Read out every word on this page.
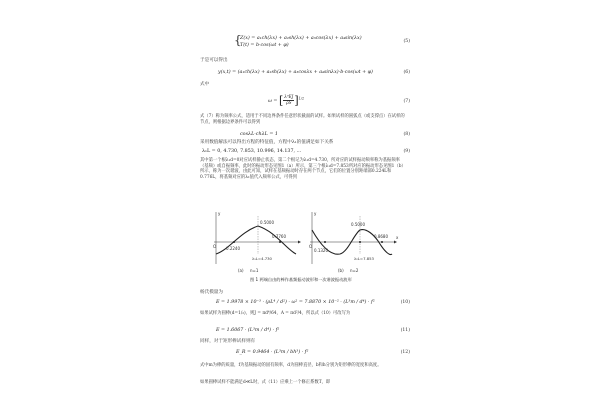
{
Z(x) = a₁ch(λx) + a₂sh(λx) + a₃cos(λx) + a₄sin(λx)
T(t) = b·cos(ωt + φ)
(5)
于是可以得出
y(x,t) = (a₁ch(λx) + a₂sh(λx) + a₃cosλx + a₄sinλx)·b·cos(ωt + φ)	(6)
式中
ω = [ $\frac{\text{λ⁴EJ}}{\rho S} ]^{1/2}$
(7)
式（7）称为频率公式，适用于不同边界条件任意形状截面的试样。如果试样的圆弧点（或支撑点）在试样的节点，则根据边界条件可以得到
cosλL·chλL = 1	(8)
采用数值解法可以得出方程的特征值，方程中λ₁的值满足如下关系
λ₁L = 0, 4.730, 7.853, 10.996, 14.137, …	(9)
其中第一个根λ₁d=0对应试样静止状态，第二个根记为λ₁d=4.730，所对应的试样振动频率称为基振频率（基频）或自振频率，此时的振动形态见图1（a）所示，第三个根λ₁d=7.853所对应的振动形态见图1（b）所示，称为一次谐波，由此可知，试样在基频振动时存在两个节点，它们的位置分别距端部0.224L和0.776L，将基频对应的λ₁值代入频率公式，可得到
0.5000
0.2240
0.7760
λ₁L=4.730
y
O
(a) n=1
x
0.1320
0.5000
0.8680
λ₂L=7.853
y
O
(b) n=2
图 1 两端自由的棒作基频振动波形和一次谐波振动波形
杨氏模量为
E = 1.9978 × 10⁻³ · (ρL⁴ / d²) · ω² = 7.8870 × 10⁻² · (L³m / d⁴) · f²	(10)
如果试样为圆棒(d=1/₂)，则J = πd⁴/64，A = πd²/4，所以式（10）可改写为
E = 1.6067 · (L³m / d⁴) · f²	(11)
同样，对于矩形棒试样则有
E_R = 0.9464 · (L³m / bh³) · f²	(12)
式中m为棒的质量，f为基频振动的固有频率，d为圆棒直径，b和h分别为矩形棒的宽度和高度。
如果圆棒试样不能满足d≪L时，式（11）应乘上一个修正系数T，即
